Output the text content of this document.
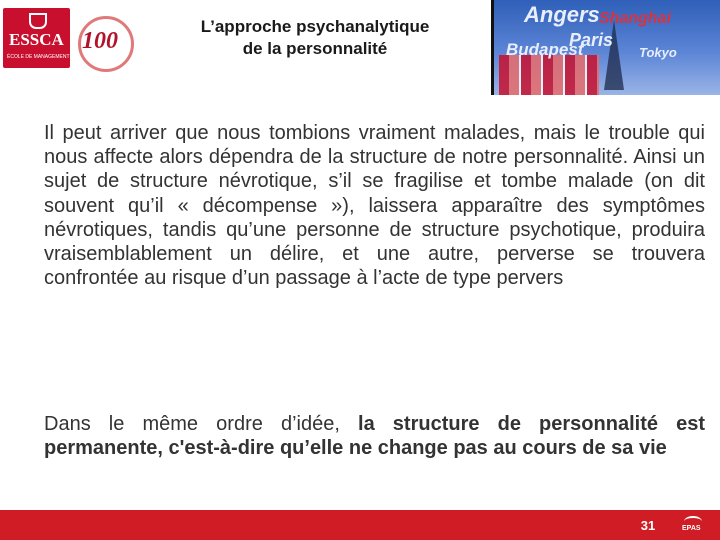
ESSCA
ÉCOLE DE MANAGEMENT
100
L’approche psychanalytique
de la personnalité
Angers Shanghai
Paris
Budapest	Tokyo

Il peut arriver que nous tombions vraiment malades, mais le trouble qui nous affecte alors dépendra de la structure de notre personnalité. Ainsi un sujet de structure névrotique, s’il se fragilise et tombe malade (on dit souvent qu’il « décompense »), laissera apparaître des symptômes névrotiques, tandis qu’une personne de structure psychotique, produira vraisemblablement un délire, et une autre, perverse se trouvera confrontée au risque d’un passage à l’acte de type pervers

Dans le même ordre d’idée, la structure de personnalité est permanente, c'est-à-dire qu’elle ne change pas au cours de sa vie

31	EPAS
